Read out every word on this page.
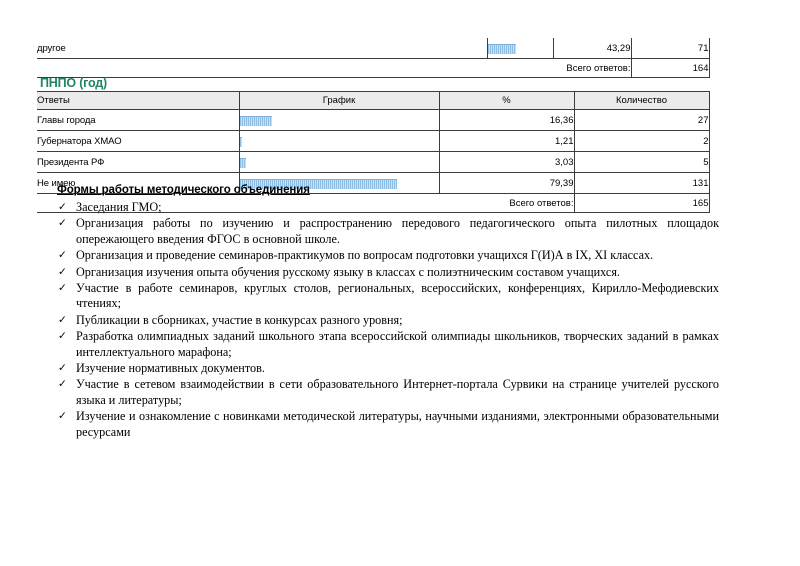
другое		43,29	71
	Всего ответов:		164
ПНПО (год)
Ответы	График	%	Количество
Главы города		16,36	27
Губернатора ХМАО		1,21	2
Президента РФ		3,03	5
Не имею		79,39	131
	Всего ответов:		165
Формы работы методического объединения
✓ Заседания ГМО;
✓ Организация работы по изучению и распространению передового педагогического опыта пилотных площадок опережающего введения ФГОС в основной школе.
✓ Организация и проведение семинаров-практикумов по вопросам подготовки учащихся Г(И)А в IX, XI классах.
✓ Организация изучения опыта обучения русскому языку в классах с полиэтническим составом учащихся.
✓ Участие в работе семинаров, круглых столов, региональных, всероссийских, конференциях, Кирилло-Мефодиевских чтениях;
✓ Публикации в сборниках, участие в конкурсах разного уровня;
✓ Разработка олимпиадных заданий школьного этапа всероссийской олимпиады школьников, творческих заданий в рамках интеллектуального марафона;
✓ Изучение нормативных документов.
✓ Участие в сетевом взаимодействии в сети образовательного Интернет-портала Сурвики на странице учителей русского языка и литературы;
✓ Изучение и ознакомление с новинками методической литературы, научными изданиями, электронными образовательными ресурсами
